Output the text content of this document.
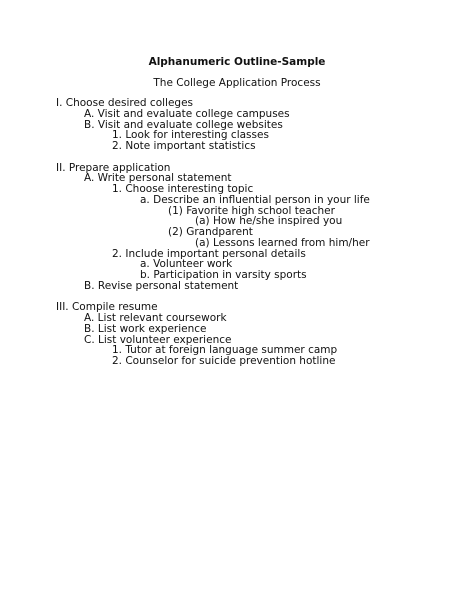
Alphanumeric Outline-Sample
The College Application Process
I. Choose desired colleges
A. Visit and evaluate college campuses
B. Visit and evaluate college websites
1. Look for interesting classes
2. Note important statistics
II. Prepare application
A. Write personal statement
1. Choose interesting topic
a. Describe an influential person in your life
(1) Favorite high school teacher
(a) How he/she inspired you
(2) Grandparent
(a) Lessons learned from him/her
2. Include important personal details
a. Volunteer work
b. Participation in varsity sports
B. Revise personal statement
III. Compile resume
A. List relevant coursework
B. List work experience
C. List volunteer experience
1. Tutor at foreign language summer camp
2. Counselor for suicide prevention hotline
